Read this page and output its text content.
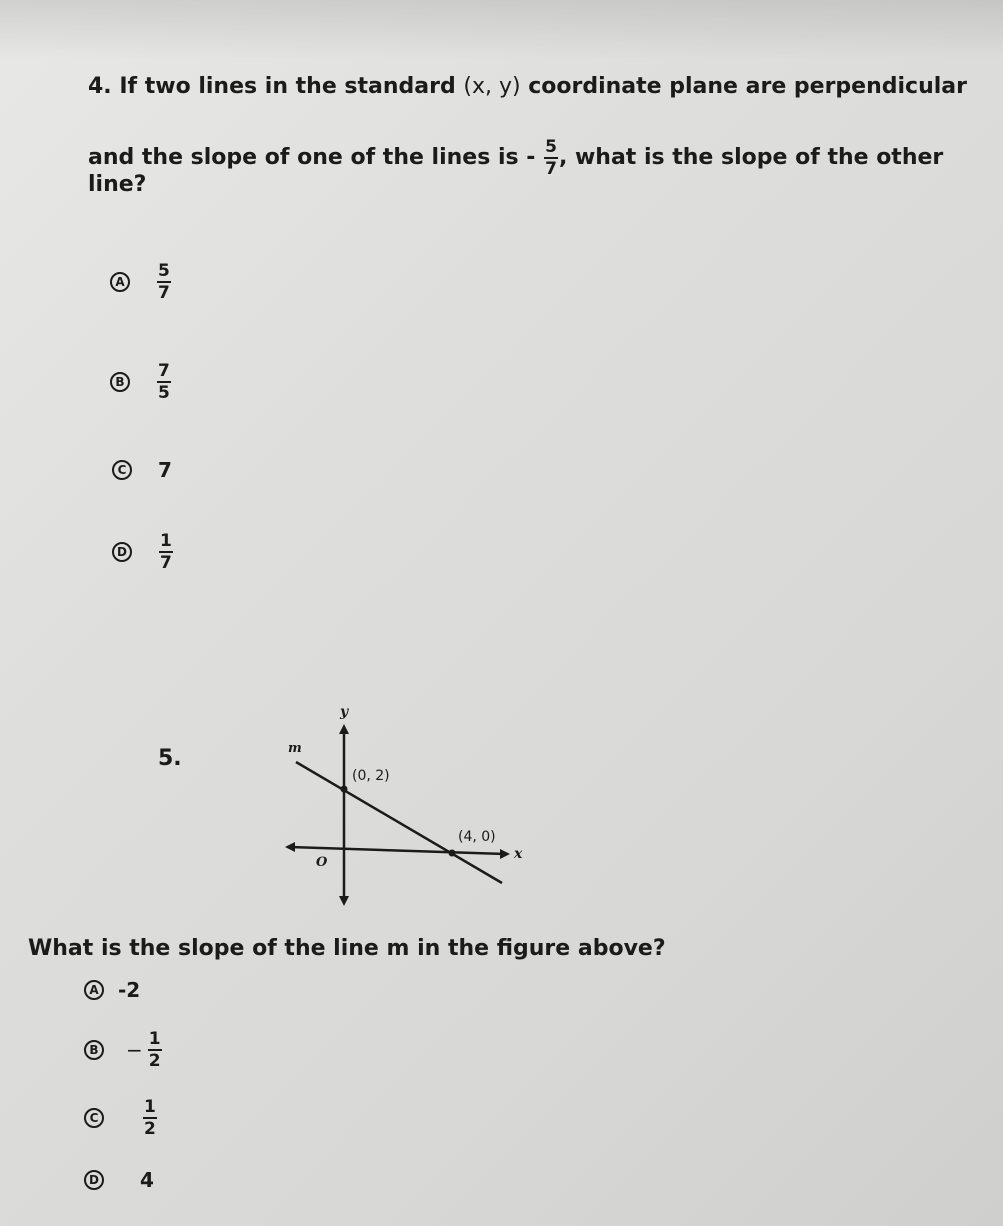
4. If two lines in the standard (x, y) coordinate plane are perpendicular
and the slope of one of the lines is - $\frac{5}{7}$ , what is the slope of the other
line?
A	$\frac{5}{7}$
B	$\frac{7}{5}$
C 7
D $\frac{1}{7}$
5.
y
x
m
O
(0, 2)
(4, 0)
What is the slope of the line m in the figure above?
A -2
$B - \frac{1}{2}$
C	$\frac{1}{2}$
D 4
